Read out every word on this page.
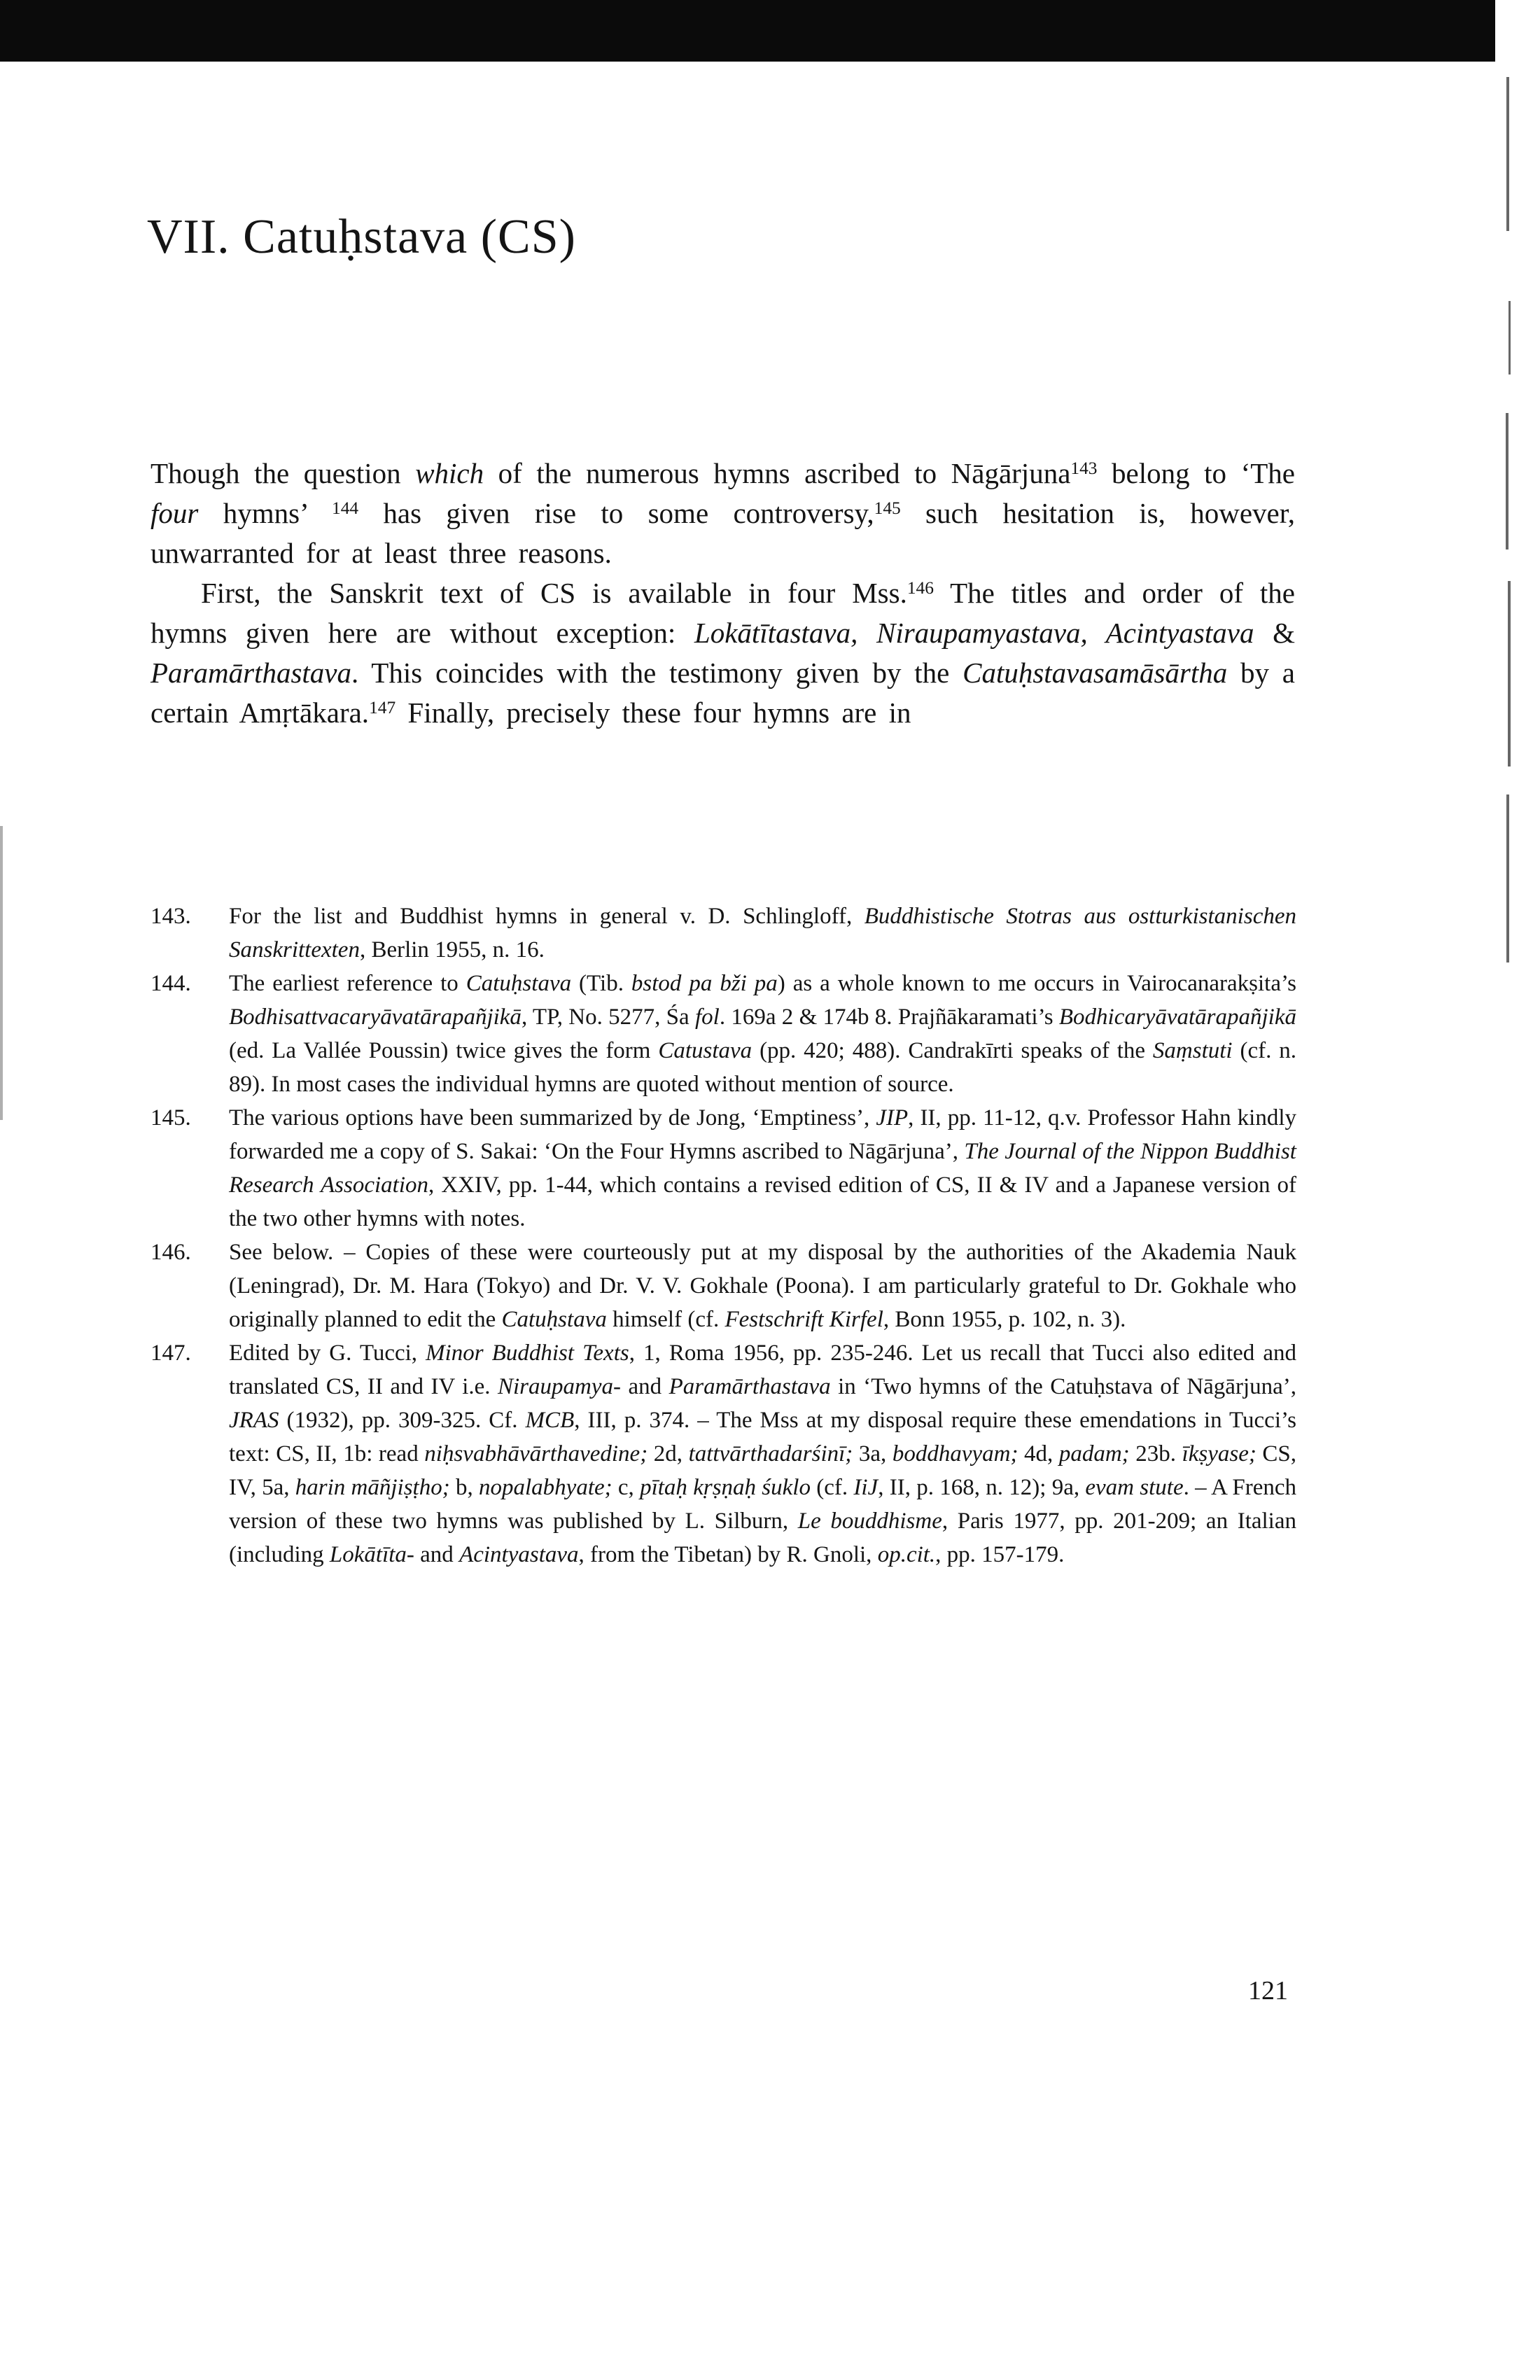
VII. Catuḥstava (CS)

Though the question which of the numerous hymns ascribed to Nāgārjuna$^{143}$ belong to ‘The four hymns’ $^{144}$ has given rise to some controversy,$^{145}$ such hesitation is, however, unwarranted for at least three reasons.

First, the Sanskrit text of CS is available in four Mss.$^{146}$ The titles and order of the hymns given here are without exception: Lokātītastava, Niraupamyastava, Acintyastava & Paramārthastava. This coincides with the testimony given by the Catuḥstavasamāsārtha by a certain Amṛtākara.$^{147}$ Finally, precisely these four hymns are in

143.	For the list and Buddhist hymns in general v. D. Schlingloff, Buddhistische Stotras aus ostturkistanischen Sanskrittexten, Berlin 1955, n. 16.
144.	The earliest reference to Catuḥstava (Tib. bstod pa bži pa) as a whole known to me occurs in Vairocanarakṣita’s Bodhisattvacaryāvatārapañjikā, TP, No. 5277, Śa fol. 169a 2 & 174b 8. Prajñākaramati’s Bodhicaryāvatārapañjikā (ed. La Vallée Poussin) twice gives the form Catustava (pp. 420; 488). Candrakīrti speaks of the Saṃstuti (cf. n. 89). In most cases the individual hymns are quoted without mention of source.
145.	The various options have been summarized by de Jong, ‘Emptiness’, JIP, II, pp. 11-12, q.v. Professor Hahn kindly forwarded me a copy of S. Sakai: ‘On the Four Hymns ascribed to Nāgārjuna’, The Journal of the Nippon Buddhist Research Association, XXIV, pp. 1-44, which contains a revised edition of CS, II & IV and a Japanese version of the two other hymns with notes.
146.	See below. – Copies of these were courteously put at my disposal by the authorities of the Akademia Nauk (Leningrad), Dr. M. Hara (Tokyo) and Dr. V. V. Gokhale (Poona). I am particularly grateful to Dr. Gokhale who originally planned to edit the Catuḥstava himself (cf. Festschrift Kirfel, Bonn 1955, p. 102, n. 3).
147.	Edited by G. Tucci, Minor Buddhist Texts, 1, Roma 1956, pp. 235-246. Let us recall that Tucci also edited and translated CS, II and IV i.e. Niraupamya- and Paramārthastava in ‘Two hymns of the Catuḥstava of Nāgārjuna’, JRAS (1932), pp. 309-325. Cf. MCB, III, p. 374. – The Mss at my disposal require these emendations in Tucci’s text: CS, II, 1b: read niḥsvabhāvārthavedine; 2d, tattvārthadarśinī; 3a, boddhavyam; 4d, padam; 23b. īkṣyase; CS, IV, 5a, harin māñjiṣṭho; b, nopalabhyate; c, pītaḥ kṛṣṇaḥ śuklo (cf. IiJ, II, p. 168, n. 12); 9a, evam stute. – A French version of these two hymns was published by L. Silburn, Le bouddhisme, Paris 1977, pp. 201-209; an Italian (including Lokātīta- and Acintyastava, from the Tibetan) by R. Gnoli, op.cit., pp. 157-179.
121
